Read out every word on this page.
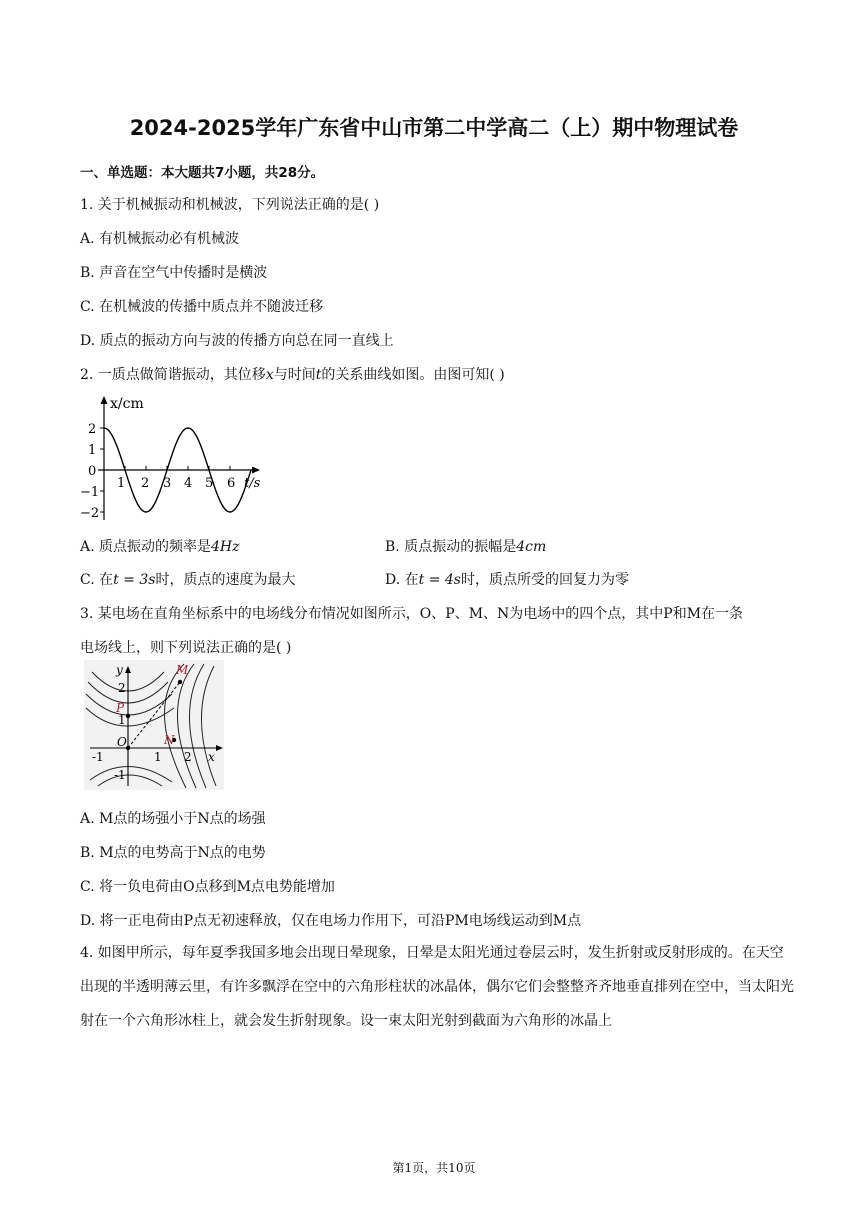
2024-2025学年广东省中山市第二中学高二（上）期中物理试卷
一、单选题：本大题共7小题，共28分。
1. 关于机械振动和机械波，下列说法正确的是( )
A. 有机械振动必有机械波
B. 声音在空气中传播时是横波
C. 在机械波的传播中质点并不随波迁移
D. 质点的振动方向与波的传播方向总在同一直线上
2. 一质点做简谐振动，其位移x与时间t的关系曲线如图。由图可知( )
x/cm
2
1
0
−1
−2
1 2 3 4 5 6 t/s
A. 质点振动的频率是4Hz	B. 质点振动的振幅是4cm
C. 在t = 3s时，质点的速度为最大	D. 在t = 4s时，质点所受的回复力为零
3. 某电场在直角坐标系中的电场线分布情况如图所示，O、P、M、N为电场中的四个点，其中P和M在一条
电场线上，则下列说法正确的是( )
y	M
2
P
1
O	N
-1	1 2 x
-1
A. M点的场强小于N点的场强
B. M点的电势高于N点的电势
C. 将一负电荷由O点移到M点电势能增加
D. 将一正电荷由P点无初速释放，仅在电场力作用下，可沿PM电场线运动到M点
4. 如图甲所示，每年夏季我国多地会出现日晕现象，日晕是太阳光通过卷层云时，发生折射或反射形成的。在天空出现的半透明薄云里，有许多飘浮在空中的六角形柱状的冰晶体，偶尔它们会整整齐齐地垂直排列在空中，当太阳光射在一个六角形冰柱上，就会发生折射现象。设一束太阳光射到截面为六角形的冰晶上
第1页，共10页
